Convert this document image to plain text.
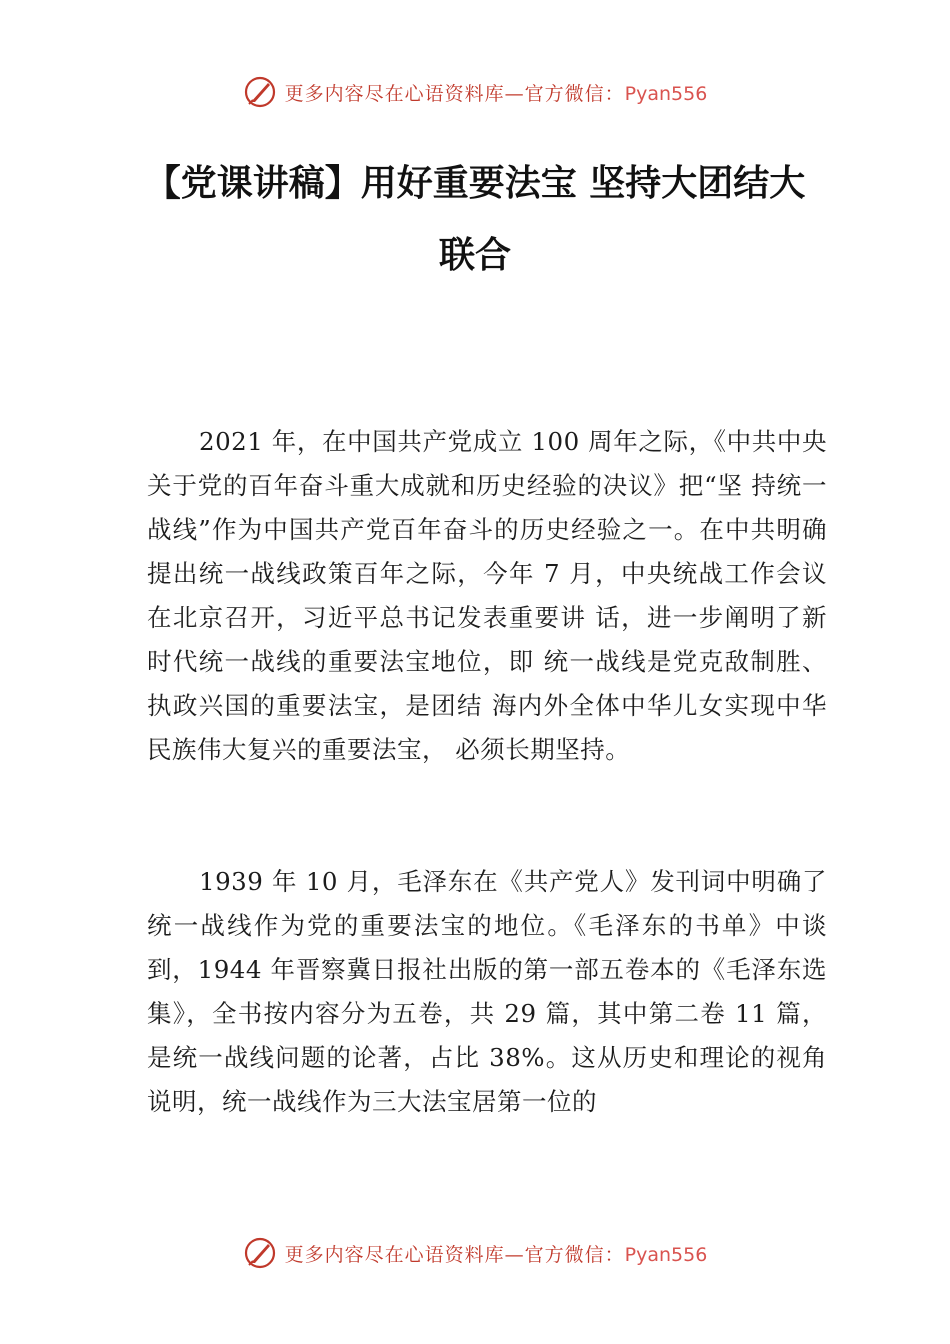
更多内容尽在心语资料库—官方微信：Pyan556
【党课讲稿】用好重要法宝 坚持大团结大
联合

2021 年，在中国共产党成立 100 周年之际，《中共中央关于党的百年奋斗重大成就和历史经验的决议》把“坚 持统一战线”作为中国共产党百年奋斗的历史经验之一。在中共明确提出统一战线政策百年之际，今年 7 月，中央统战工作会议在北京召开，习近平总书记发表重要讲 话，进一步阐明了新时代统一战线的重要法宝地位，即 统一战线是党克敌制胜、执政兴国的重要法宝，是团结 海内外全体中华儿女实现中华民族伟大复兴的重要法宝， 必须长期坚持。

1939 年 10 月，毛泽东在《共产党人》发刊词中明确了统一战线作为党的重要法宝的地位。《毛泽东的书单》中谈到，1944 年晋察冀日报社出版的第一部五卷本的《毛泽东选集》，全书按内容分为五卷，共 29 篇，其中第二卷 11 篇，是统一战线问题的论著，占比 38%。这从历史和理论的视角说明，统一战线作为三大法宝居第一位的

更多内容尽在心语资料库—官方微信：Pyan556
